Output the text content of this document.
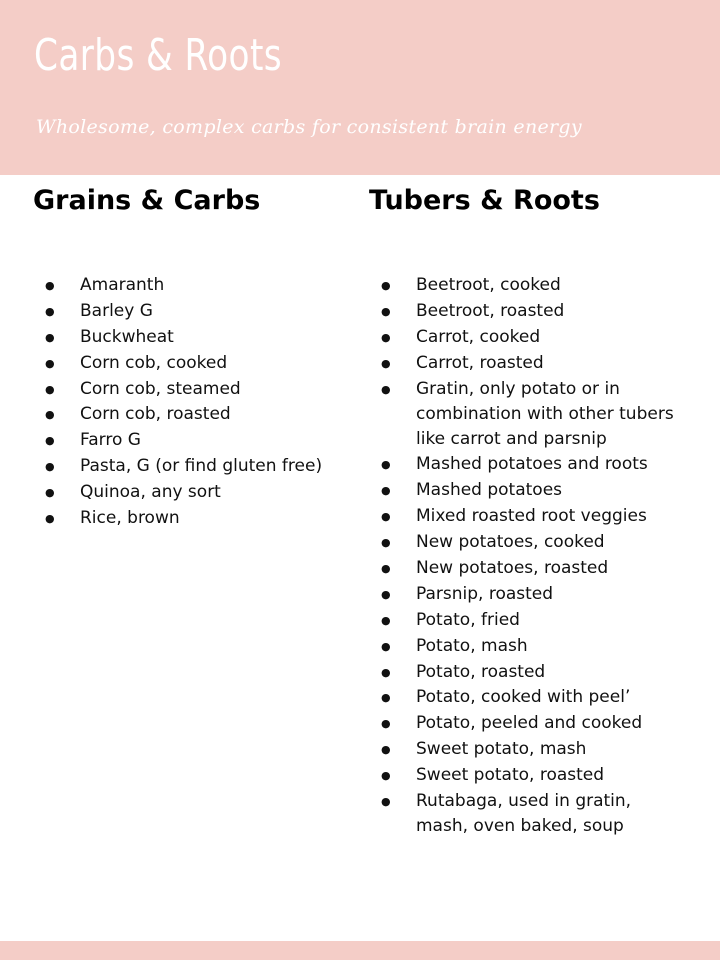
Carbs & Roots

Wholesome, complex carbs for consistent brain energy

Grains & Carbs
● Amaranth
● Barley G
● Buckwheat
● Corn cob, cooked
● Corn cob, steamed
● Corn cob, roasted
● Farro G
● Pasta, G (or find gluten free)
● Quinoa, any sort
● Rice, brown
Tubers & Roots
● Beetroot, cooked
● Beetroot, roasted
● Carrot, cooked
● Carrot, roasted
● Gratin, only potato or in combination with other tubers like carrot and parsnip
● Mashed potatoes and roots
● Mashed potatoes
● Mixed roasted root veggies
● New potatoes, cooked
● New potatoes, roasted
● Parsnip, roasted
● Potato, fried
● Potato, mash
● Potato, roasted
● Potato, cooked with peel’
● Potato, peeled and cooked
● Sweet potato, mash
● Sweet potato, roasted
● Rutabaga, used in gratin, mash, oven baked, soup
